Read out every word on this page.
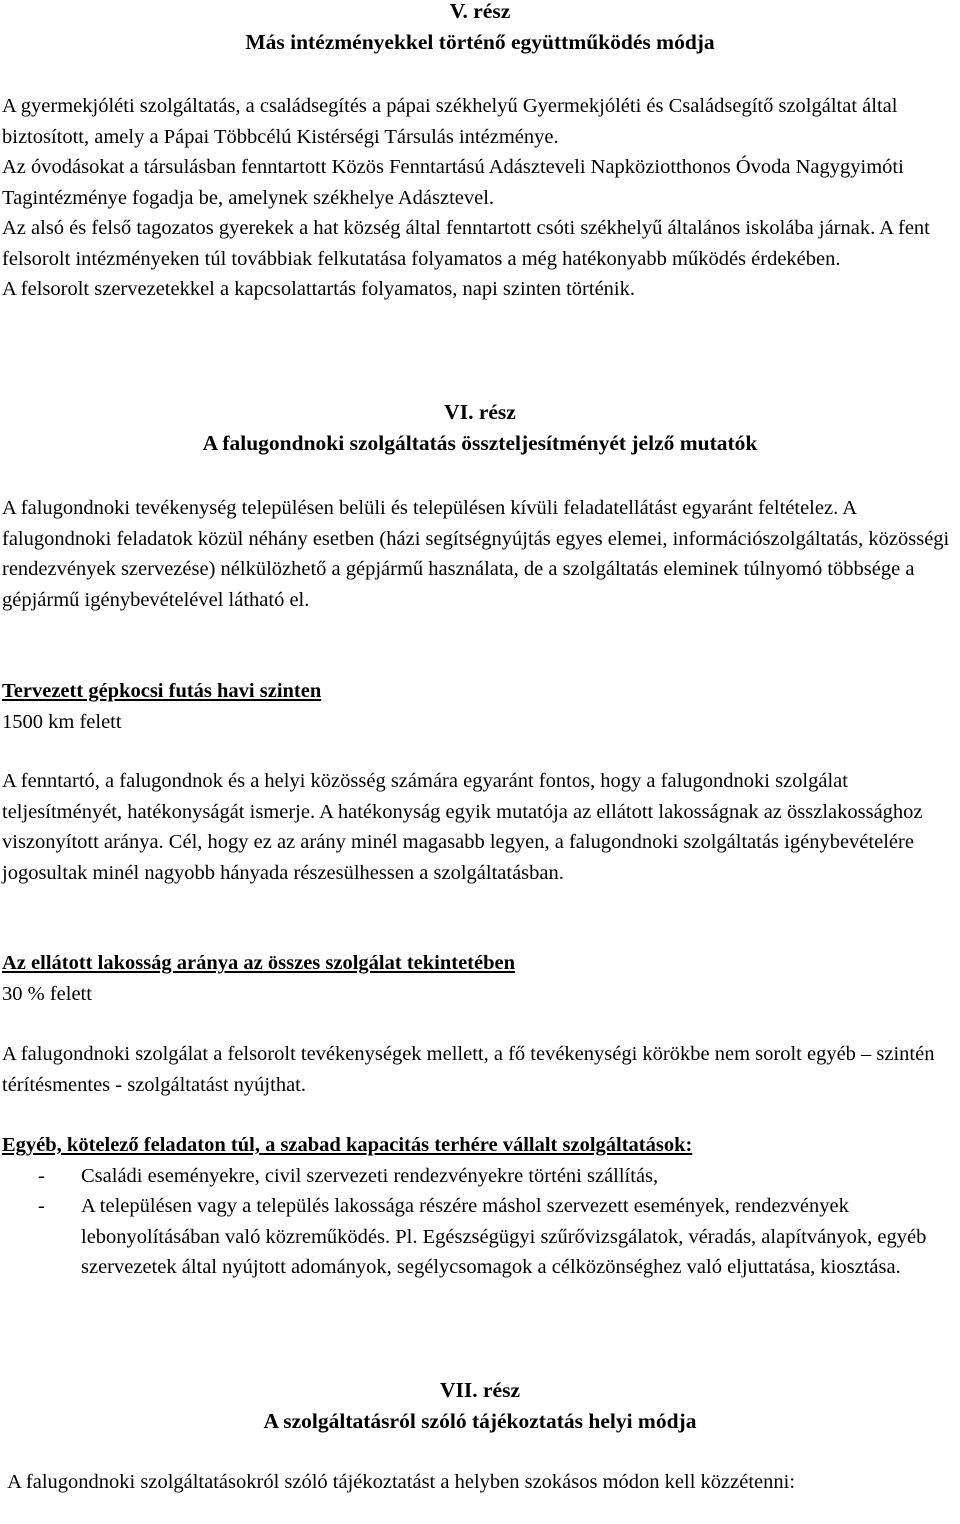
V. rész

Más intézményekkel történő együttműködés módja

A gyermekjóléti szolgáltatás, a családsegítés a pápai székhelyű Gyermekjóléti és Családsegítő szolgáltat által biztosított, amely a Pápai Többcélú Kistérségi Társulás intézménye.

Az óvodásokat a társulásban fenntartott Közös Fenntartású Adászteveli Napköziotthonos Óvoda Nagygyimóti Tagintézménye fogadja be, amelynek székhelye Adásztevel.

Az alsó és felső tagozatos gyerekek a hat község által fenntartott csóti székhelyű általános iskolába járnak. A fent felsorolt intézményeken túl továbbiak felkutatása folyamatos a még hatékonyabb működés érdekében.

A felsorolt szervezetekkel a kapcsolattartás folyamatos, napi szinten történik.

VI. rész

A falugondnoki szolgáltatás összteljesítményét jelző mutatók

A falugondnoki tevékenység településen belüli és településen kívüli feladatellátást egyaránt feltételez. A falugondnoki feladatok közül néhány esetben (házi segítségnyújtás egyes elemei, információszolgáltatás, közösségi rendezvények szervezése) nélkülözhető a gépjármű használata, de a szolgáltatás eleminek túlnyomó többsége a gépjármű igénybevételével látható el.

Tervezett gépkocsi futás havi szinten

1500 km felett

A fenntartó, a falugondnok és a helyi közösség számára egyaránt fontos, hogy a falugondnoki szolgálat teljesítményét, hatékonyságát ismerje. A hatékonyság egyik mutatója az ellátott lakosságnak az összlakossághoz viszonyított aránya. Cél, hogy ez az arány minél magasabb legyen, a falugondnoki szolgáltatás igénybevételére jogosultak minél nagyobb hányada részesülhessen a szolgáltatásban.

Az ellátott lakosság aránya az összes szolgálat tekintetében

30 % felett

A falugondnoki szolgálat a felsorolt tevékenységek mellett, a fő tevékenységi körökbe nem sorolt egyéb – szintén térítésmentes - szolgáltatást nyújthat.

Egyéb, kötelező feladaton túl, a szabad kapacitás terhére vállalt szolgáltatások:

- Családi eseményekre, civil szervezeti rendezvényekre történi szállítás,
- A településen vagy a település lakossága részére máshol szervezett események, rendezvények lebonyolításában való közreműködés. Pl. Egészségügyi szűrővizsgálatok, véradás, alapítványok, egyéb szervezetek által nyújtott adományok, segélycsomagok a célközönséghez való eljuttatása, kiosztása.

VII. rész

A szolgáltatásról szóló tájékoztatás helyi módja

A falugondnoki szolgáltatásokról szóló tájékoztatást a helyben szokásos módon kell közzétenni:
